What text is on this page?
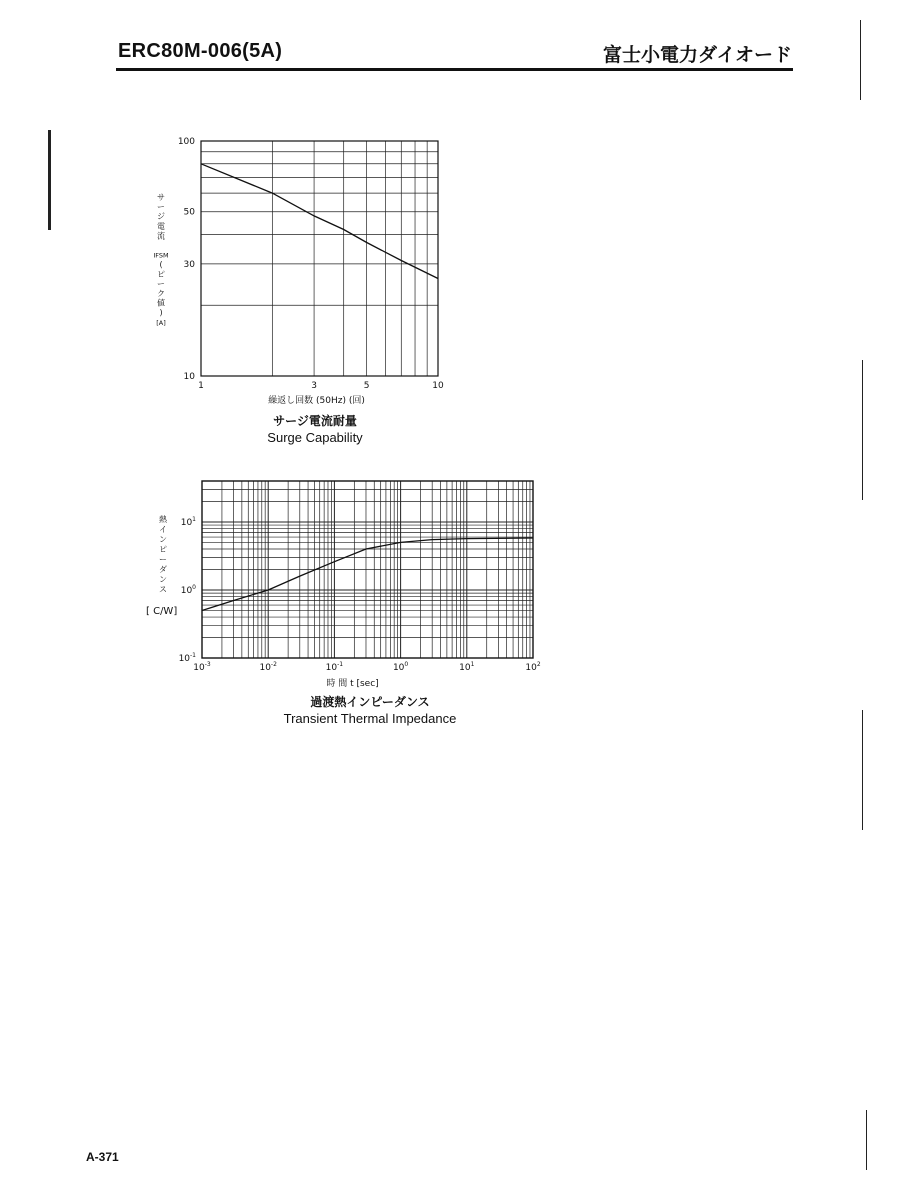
ERC80M-006(5A)	富士小電力ダイオード
1	3	5	10
10
30
50
100
繰返し回数 (50Hz) (回)
サ
ー
ジ
電
流
IFSM
(
ピ
ー
ク
値
)
[A]
サージ電流耐量
Surge Capability
$10^{-3}$	$10^{-2}$	$10^{-1}$	$10^0$	$10^1$	$10^2$
$10^{-1}$
$10^0$
$10^1$
時 間 t [sec]
熱
イ
ン
ピ
ー
ダ
ン
ス
[ C/W]
過渡熱インピーダンス
Transient Thermal Impedance
A-371
